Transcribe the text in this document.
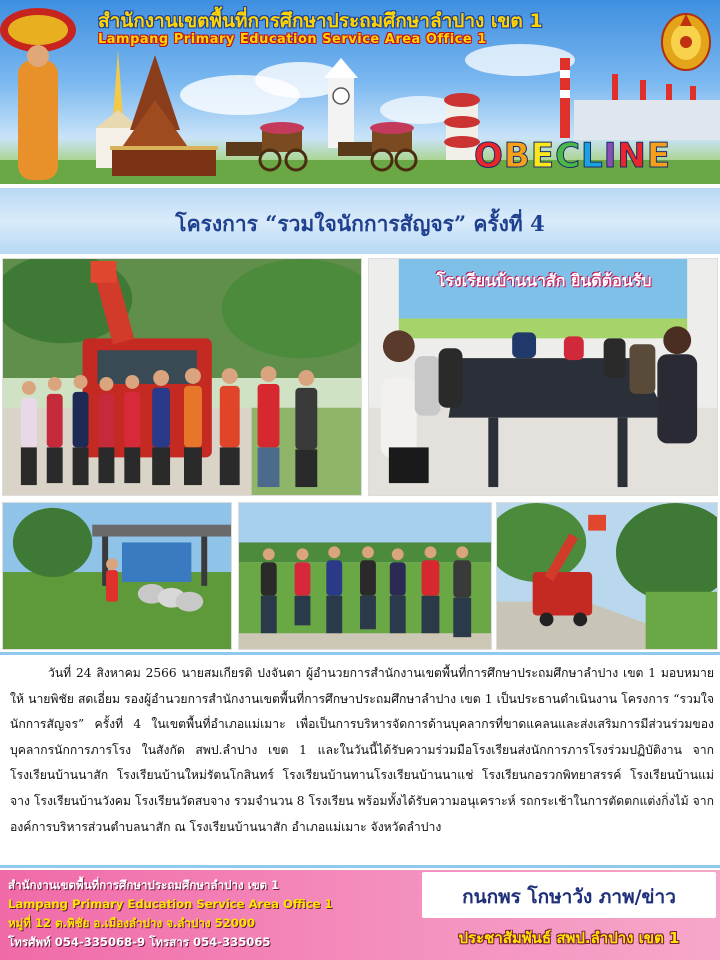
สำนักงานเขตพื้นที่การศึกษาประถมศึกษาลำปาง เขต 1
Lampang Primary Education Service Area Office 1
OBECLINE
โครงการ “รวมใจนักการสัญจร” ครั้งที่ 4
โรงเรียนบ้านนาสัก ยินดีต้อนรับ

วันที่ 24 สิงหาคม 2566 นายสมเกียรติ ปงจันตา ผู้อำนวยการสำนักงานเขตพื้นที่การศึกษาประถมศึกษาลำปาง เขต 1 มอบหมายให้ นายพิชัย สดเอี่ยม รองผู้อำนวยการสำนักงานเขตพื้นที่การศึกษาประถมศึกษาลำปาง เขต 1 เป็นประธานดำเนินงาน โครงการ “รวมใจนักการสัญจร” ครั้งที่ 4 ในเขตพื้นที่อำเภอแม่เมาะ เพื่อเป็นการบริหารจัดการด้านบุคลากรที่ขาดแคลนและส่งเสริมการมีส่วนร่วมของบุคลากรนักการภารโรง ในสังกัด สพป.ลำปาง เขต 1 และในวันนี้ได้รับความร่วมมือโรงเรียนส่งนักการภารโรงร่วมปฏิบัติงาน จาก โรงเรียนบ้านนาสัก โรงเรียนบ้านใหม่รัตนโกสินทร์ โรงเรียนบ้านทานโรงเรียนบ้านนาแช่ โรงเรียนกอรวกพิทยาสรรค์ โรงเรียนบ้านแม่จาง โรงเรียนบ้านวังคม โรงเรียนวัดสบจาง รวมจำนวน 8 โรงเรียน พร้อมทั้งได้รับความอนุเคราะห์ รถกระเช้าในการตัดตกแต่งกิ่งไม้ จาก องค์การบริหารส่วนตำบลนาสัก ณ โรงเรียนบ้านนาสัก อำเภอแม่เมาะ จังหวัดลำปาง

สำนักงานเขตพื้นที่การศึกษาประถมศึกษาลำปาง เขต 1
Lampang Primary Education Service Area Office 1
หมู่ที่ 12 ต.พิชัย อ.เมืองลำปาง จ.ลำปาง 52000
โทรศัพท์ 054-335068-9 โทรสาร 054-335065
กนกพร โกษาวัง ภาพ/ข่าว
ประชาสัมพันธ์ สพป.ลำปาง เขต 1
